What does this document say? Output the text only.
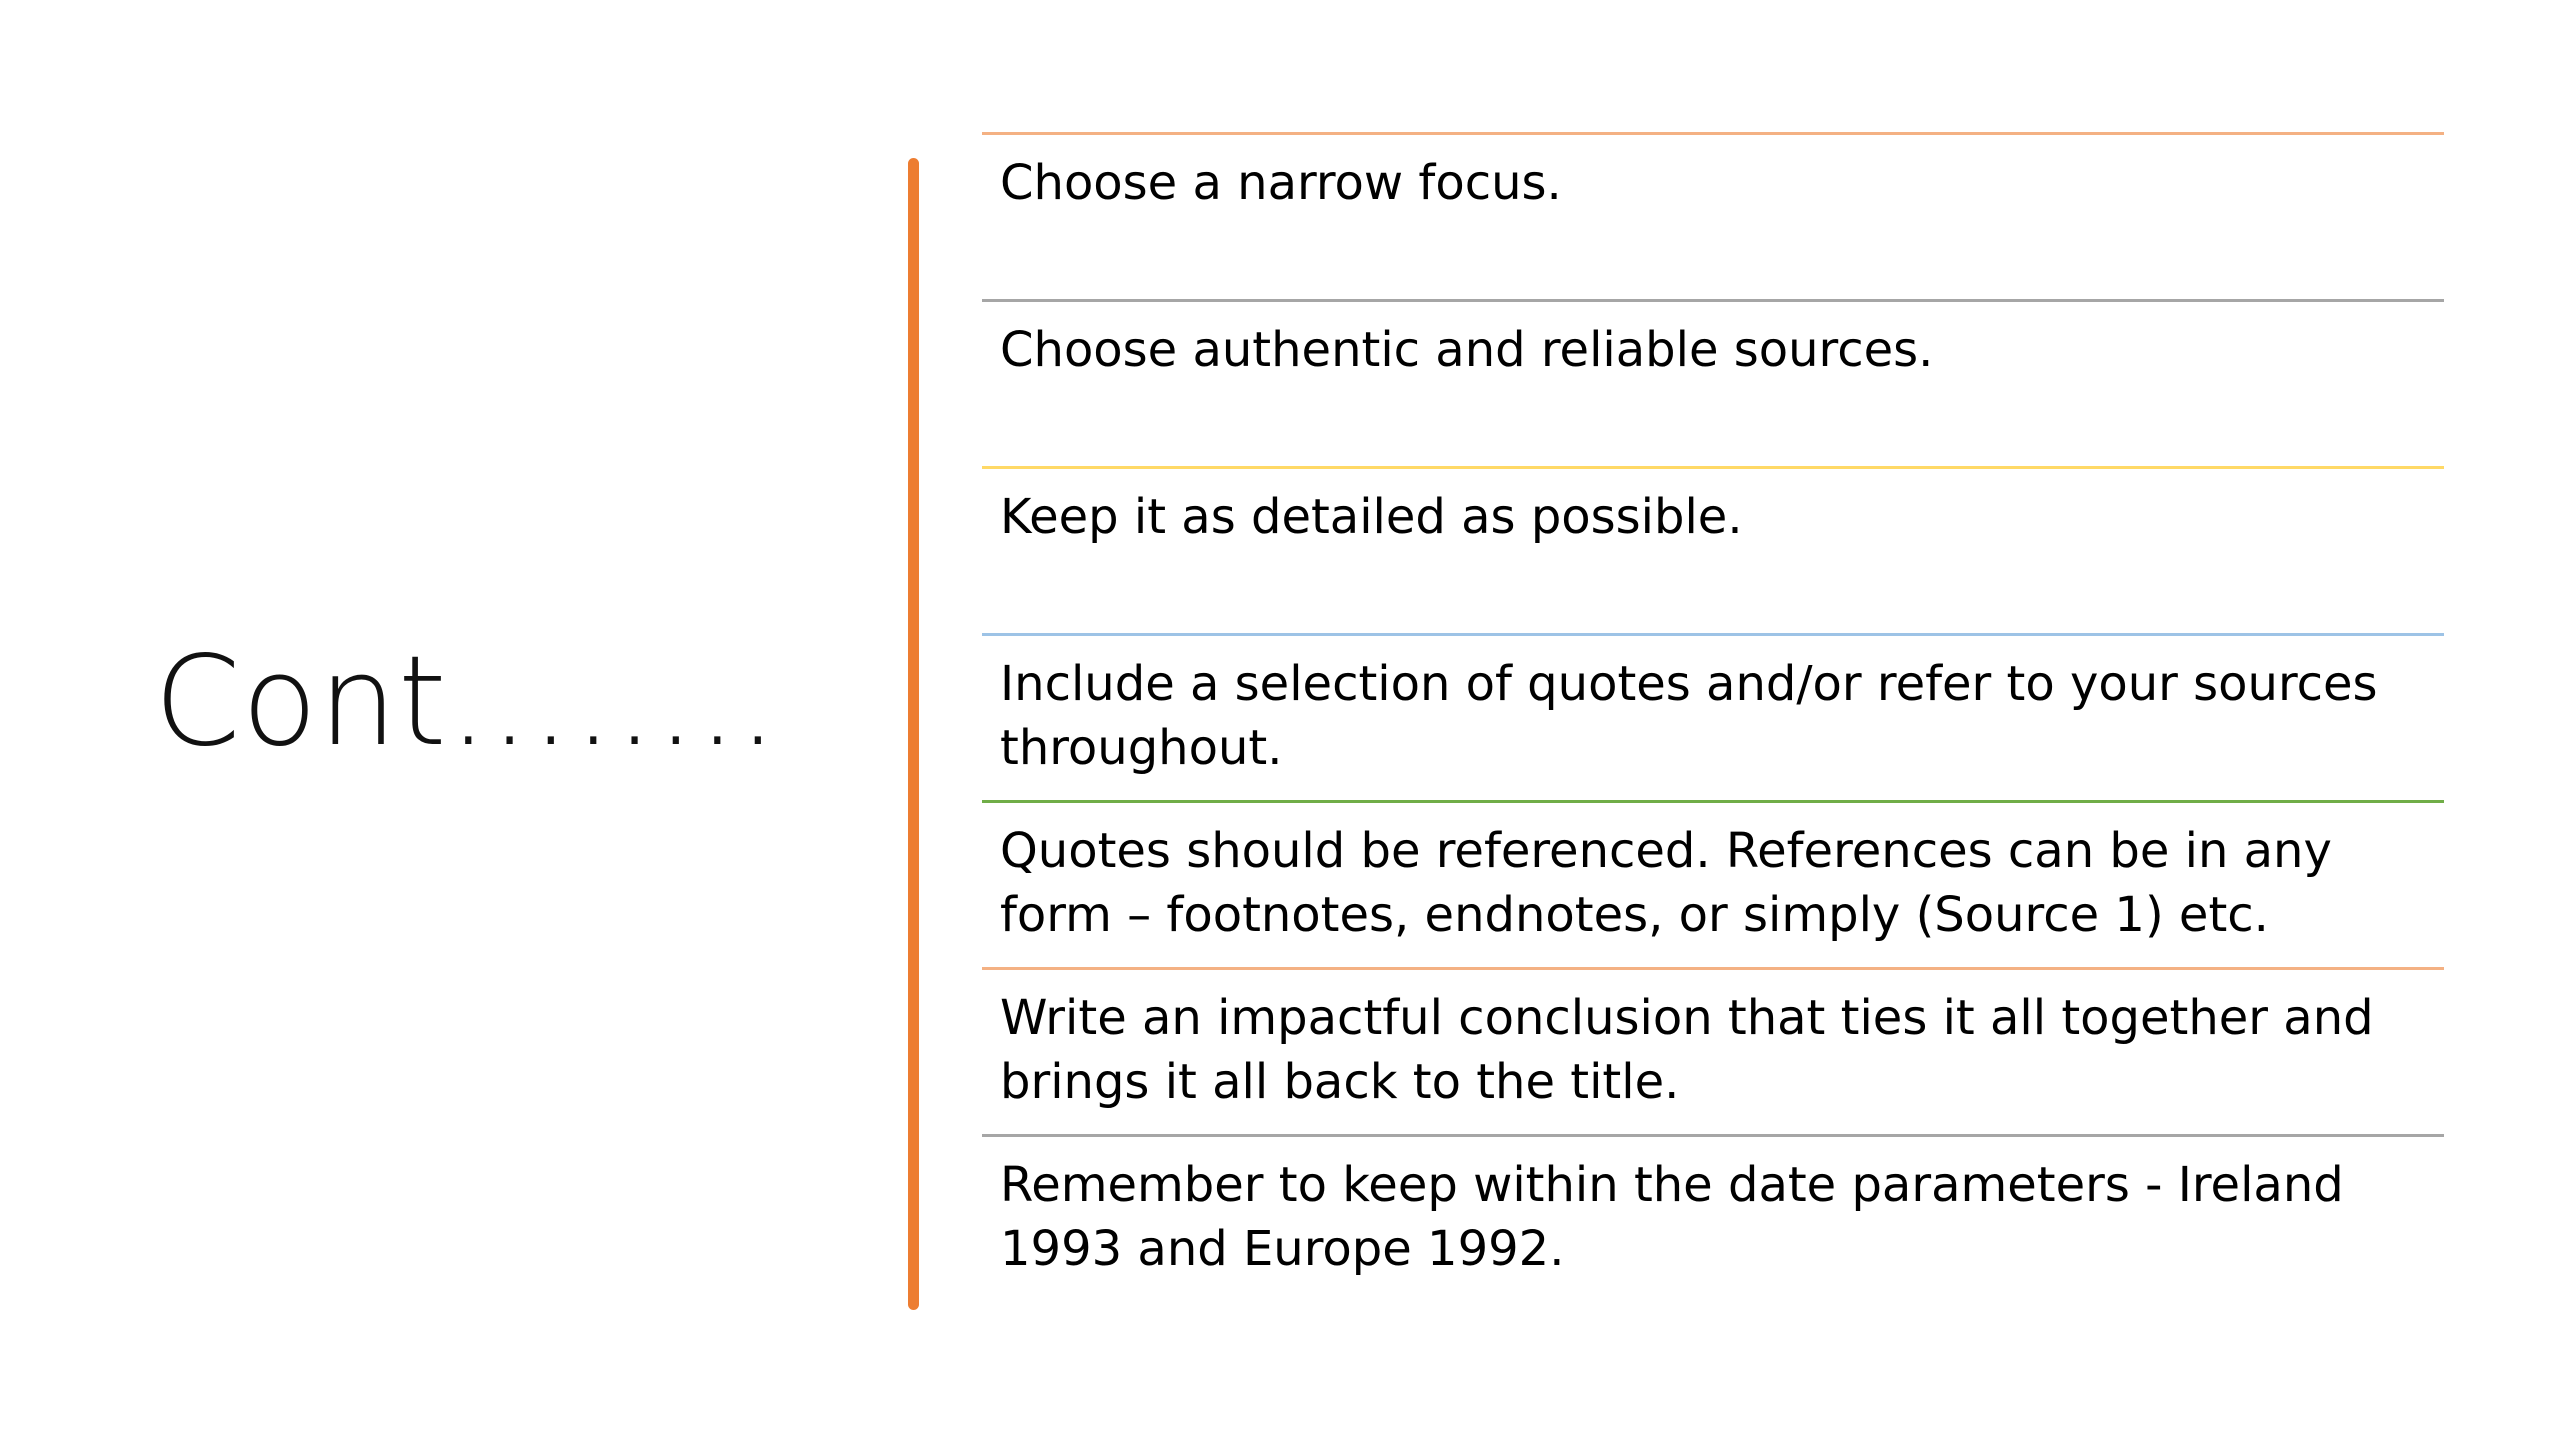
Cont……..
Choose a narrow focus.
Choose authentic and reliable sources.
Keep it as detailed as possible.
Include a selection of quotes and/or refer to your sources throughout.
Quotes should be referenced. References can be in any form – footnotes, endnotes, or simply (Source 1) etc.
Write an impactful conclusion that ties it all together and brings it all back to the title.
Remember to keep within the date parameters - Ireland 1993 and Europe 1992.
